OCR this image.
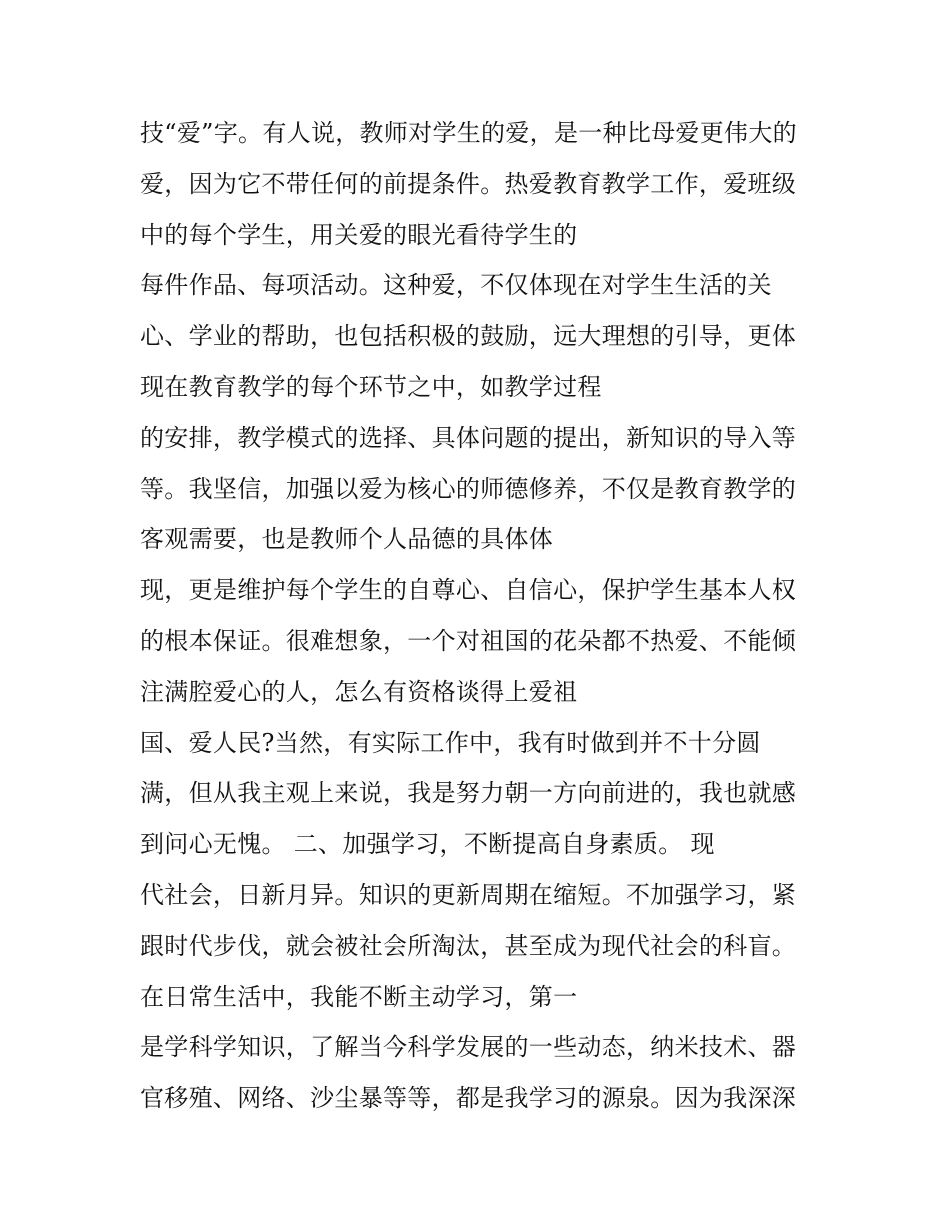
技“爱”字。有人说，教师对学生的爱，是一种比母爱更伟大的
爱，因为它不带任何的前提条件。热爱教育教学工作，爱班级
中的每个学生，用关爱的眼光看待学生的
每件作品、每项活动。这种爱，不仅体现在对学生生活的关
心、学业的帮助，也包括积极的鼓励，远大理想的引导，更体
现在教育教学的每个环节之中，如教学过程
的安排，教学模式的选择、具体问题的提出，新知识的导入等
等。我坚信，加强以爱为核心的师德修养，不仅是教育教学的
客观需要，也是教师个人品德的具体体
现，更是维护每个学生的自尊心、自信心，保护学生基本人权
的根本保证。很难想象，一个对祖国的花朵都不热爱、不能倾
注满腔爱心的人，怎么有资格谈得上爱祖
国、爱人民?当然，有实际工作中，我有时做到并不十分圆
满，但从我主观上来说，我是努力朝一方向前进的，我也就感
到问心无愧。 二、加强学习，不断提高自身素质。 现
代社会，日新月异。知识的更新周期在缩短。不加强学习，紧
跟时代步伐，就会被社会所淘汰，甚至成为现代社会的科盲。
在日常生活中，我能不断主动学习，第一
是学科学知识，了解当今科学发展的一些动态，纳米技术、器
官移殖、网络、沙尘暴等等，都是我学习的源泉。因为我深深
